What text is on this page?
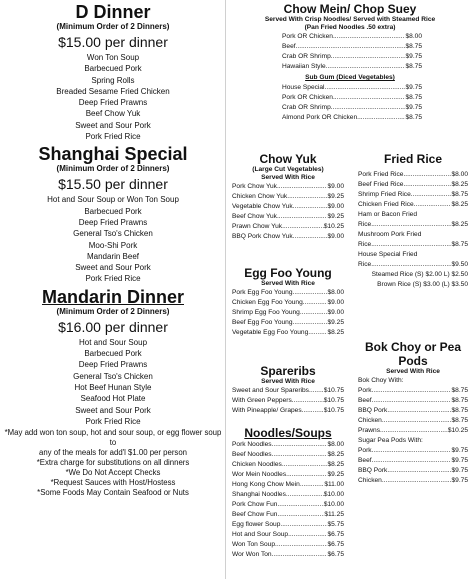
D Dinner
(Minimum Order of 2 Dinners)
$15.00 per dinner
Won Ton Soup
Barbecued Pork
Spring Rolls
Breaded Sesame Fried Chicken
Deep Fried Prawns
Beef Chow Yuk
Sweet and Sour Pork
Pork Fried Rice
Shanghai Special
(Minimum Order of 2 Dinners)
$15.50 per dinner
Hot and Sour Soup or Won Ton Soup
Barbecued Pork
Deep Fried Prawns
General Tso's Chicken
Moo-Shi Pork
Mandarin Beef
Sweet and Sour Pork
Pork Fried Rice
Mandarin Dinner
(Minimum Order of 2 Dinners)
$16.00 per dinner
Hot and Sour Soup
Barbecued Pork
Deep Fried Prawns
General Tso's Chicken
Hot Beef Hunan Style
Seafood Hot Plate
Sweet and Sour Pork
Pork Fried Rice
*May add won ton soup, hot and sour soup, or egg flower soup to
any of the meals for add'l $1.00 per person
*Extra charge for substitutions on all dinners
*We Do Not Accept Checks
*Request Sauces with Host/Hostess
*Some Foods May Contain Seafood or Nuts
Chow Mein/ Chop Suey
Served With Crisp Noodles/ Served with Steamed Rice
(Pan Fried Noodles .50 extra)
Pork OR Chicken .....	$8.00
Beef .....	$8.75
Crab OR Shrimp .....	$9.75
Hawaiian Style .....	$8.75
Sub Gum (Diced Vegetables)
House Special .....	$9.75
Pork OR Chicken .....	$8.75
Crab OR Shrimp .....	$9.75
Almond Pork OR Chicken .....	$8.75
Chow Yuk
(Large Cut Vegetables)
Served With Rice
Pork Chow Yuk .....	$9.00
Chicken Chow Yuk .....	$9.25
Vegetable Chow Yuk .....	$9.00
Beef Chow Yuk .....	$9.25
Prawn Chow Yuk .....	$10.25
BBQ Pork Chow Yuk .....	$9.00
Egg Foo Young
Served With Rice
Pork Egg Foo Young .....	$8.00
Chicken Egg Foo Young .....	$9.00
Shrimp Egg Foo Young .....	$9.00
Beef Egg Foo Young .....	$9.25
Vegetable Egg Foo Young .....	$8.25
Spareribs
Served With Rice
Sweet and Sour Spareribs ..... $10.75
With Green Peppers .....	$10.75
With Pineapple/ Grapes .....	$10.75
Noodles/Soups
Pork Noodles .....	$8.00
Beef Noodles .....	$8.25
Chicken Noodles .....	$8.25
Wor Mein Noodles .....	$9.25
Hong Kong Chow Mein .....	$11.00
Shanghai Noodles .....	$10.00
Pork Chow Fun .....	$10.00
Beef Chow Fun .....	$11.25
Egg flower Soup .....	$5.75
Hot and Sour Soup .....	$6.75
Won Ton Soup .....	$6.75
Wor Won Ton .....	$6.75
Fried Rice
Pork Fried Rice .....	$8.00
Beef Fried Rice .....	$8.25
Shrimp Fried Rice .....	$8.75
Chicken Fried Rice .....	$8.25
Ham or Bacon Fried
Rice .....	$8.25
Mushroom Pork Fried
Rice .....	$8.75
House Special Fried
Rice .....	$9.50
Steamed Rice (S) $2.00 L) $2.50
Brown Rice (S) $3.00 (L) $3.50
Bok Choy or Pea
Pods
Served With Rice
Bok Choy With:
Pork .....	$8.75
Beef .....	$8.75
BBQ Pork .....	$8.75
Chicken .....	$8.75
Prawns .....	$10.25
Sugar Pea Pods With:
Pork .....	$9.75
Beef .....	$9.75
BBQ Pork .....	$9.75
Chicken .....	$9.75
